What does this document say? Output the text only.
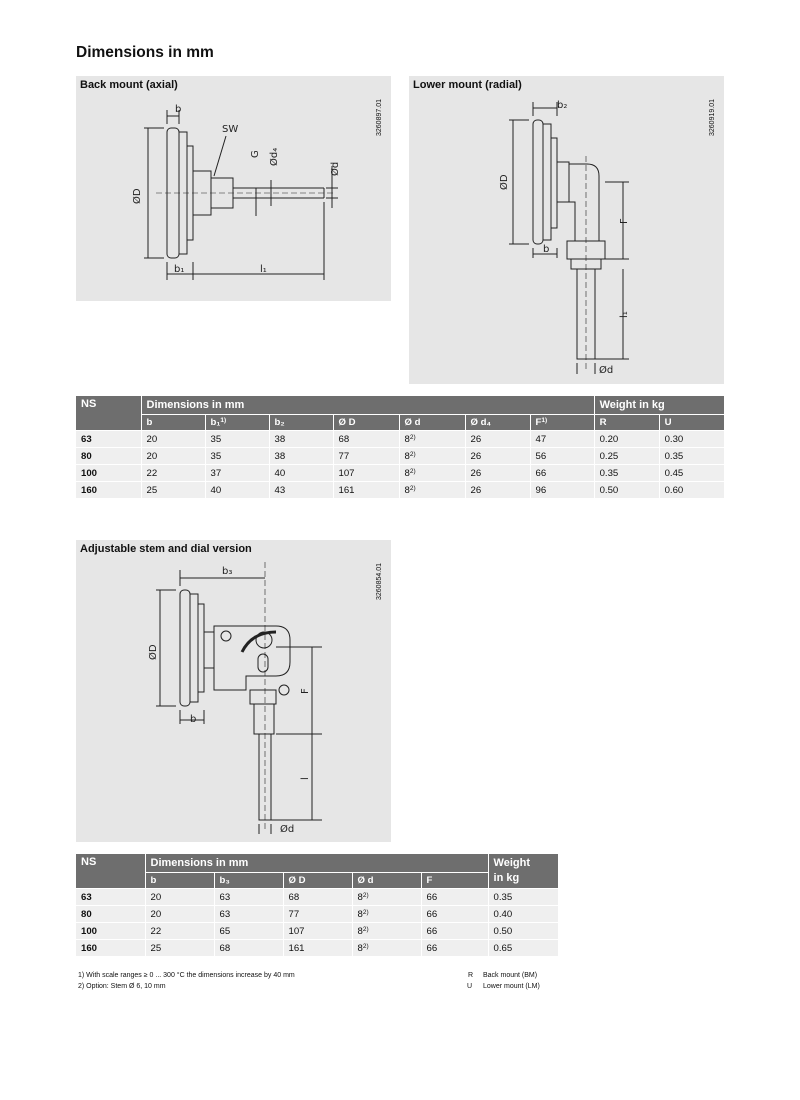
Dimensions in mm
Back mount (axial)
3260897.01
b
SW
G Ød₄
Ød
ØD
b₁	l₁
Lower mount (radial)
3260919.01
b₂
ØD
F
b
l₁
Ød
NS	Dimensions in mm							Weight in kg	
	b	b₁$^{1)}$	b₂	Ø D	Ø d	Ø d₄	$F^{1)}$	R	U
63	20	35	38	68	8$^{2)}$	26	47	0.20	0.30
80	20	35	38	77	8$^{2)}$	26	56	0.25	0.35
100	22	37	40	107	8$^{2)}$	26	66	0.35	0.45
160	25	40	43	161	8$^{2)}$	26	96	0.50	0.60
Adjustable stem and dial version
3260854.01
b₃
ØD
F
b
l
Ød
NS	Dimensions in mm					Weight
in kg
	b	b₃	Ø D	Ø d	F	
63	20	63	68	8$^{2)}$	66	0.35
80	20	63	77	8$^{2)}$	66	0.40
100	22	65	107	8$^{2)}$	66	0.50
160	25	68	161	8$^{2)}$	66	0.65
1) With scale ranges ≥ 0 ... 300 °C the dimensions increase by 40 mm
2) Option: Stem Ø 6, 10 mm
R Back mount (BM)
U Lower mount (LM)
